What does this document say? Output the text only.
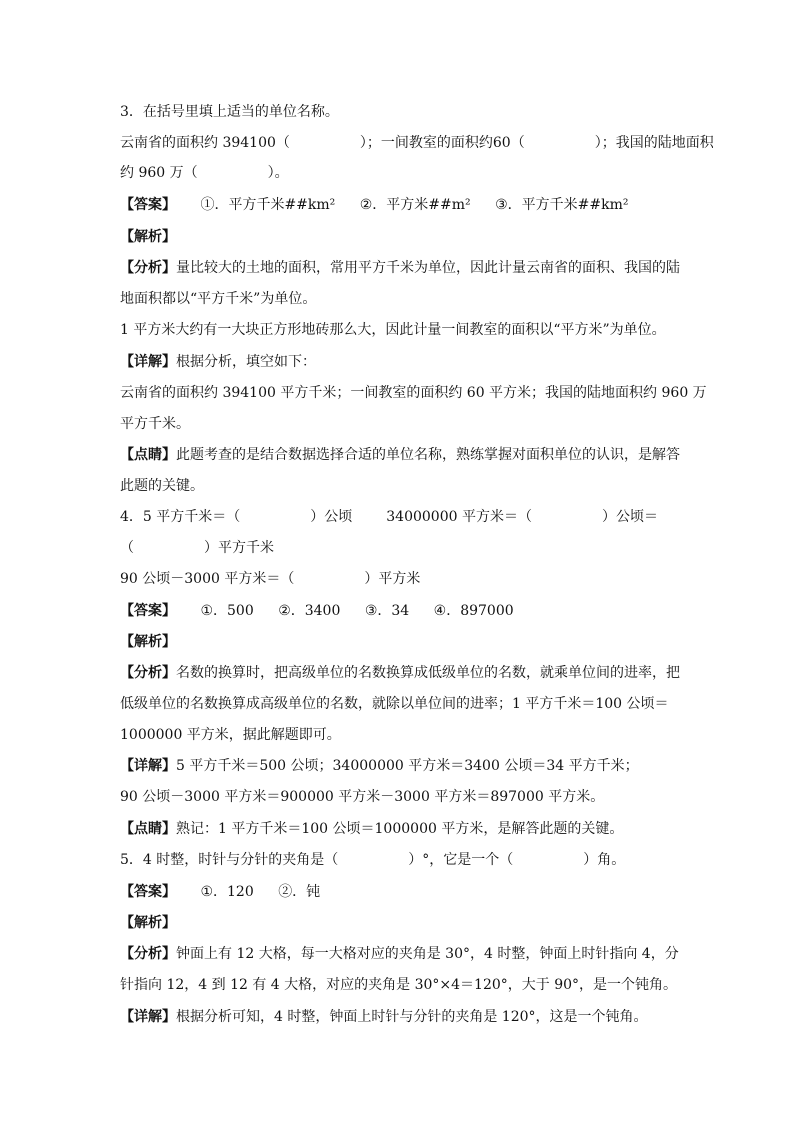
3．在括号里填上适当的单位名称。
云南省的面积约 394100（　　　　　）；一间教室的面积约60（　　　　　）；我国的陆地面积
约 960 万（　　　　　）。
【答案】 ①．平方千米##km² ②．平方米##m² ③．平方千米##km²
【解析】
【分析】量比较大的土地的面积，常用平方千米为单位，因此计量云南省的面积、我国的陆
地面积都以“平方千米”为单位。
1 平方米大约有一大块正方形地砖那么大，因此计量一间教室的面积以“平方米”为单位。
【详解】根据分析，填空如下：
云南省的面积约 394100 平方千米；一间教室的面积约 60 平方米；我国的陆地面积约 960 万
平方千米。
【点睛】此题考查的是结合数据选择合适的单位名称，熟练掌握对面积单位的认识，是解答
此题的关键。
4．5 平方千米＝（　　　　　）公顷 34000000 平方米＝（　　　　　）公顷＝
（　　　　　）平方千米
90 公顷－3000 平方米＝（　　　　　）平方米
【答案】 ①．500 ②．3400 ③．34 ④．897000
【解析】
【分析】名数的换算时，把高级单位的名数换算成低级单位的名数，就乘单位间的进率，把
低级单位的名数换算成高级单位的名数，就除以单位间的进率；1 平方千米＝100 公顷＝
1000000 平方米，据此解题即可。
【详解】5 平方千米＝500 公顷；34000000 平方米＝3400 公顷＝34 平方千米；
90 公顷－3000 平方米＝900000 平方米－3000 平方米＝897000 平方米。
【点睛】熟记：1 平方千米＝100 公顷＝1000000 平方米，是解答此题的关键。
5．4 时整，时针与分针的夹角是（　　　　　）°，它是一个（　　　　　）角。
【答案】 ①．120 ②．钝
【解析】
【分析】钟面上有 12 大格，每一大格对应的夹角是 30°，4 时整，钟面上时针指向 4，分
针指向 12，4 到 12 有 4 大格，对应的夹角是 30°×4＝120°，大于 90°，是一个钝角。
【详解】根据分析可知，4 时整，钟面上时针与分针的夹角是 120°，这是一个钝角。
